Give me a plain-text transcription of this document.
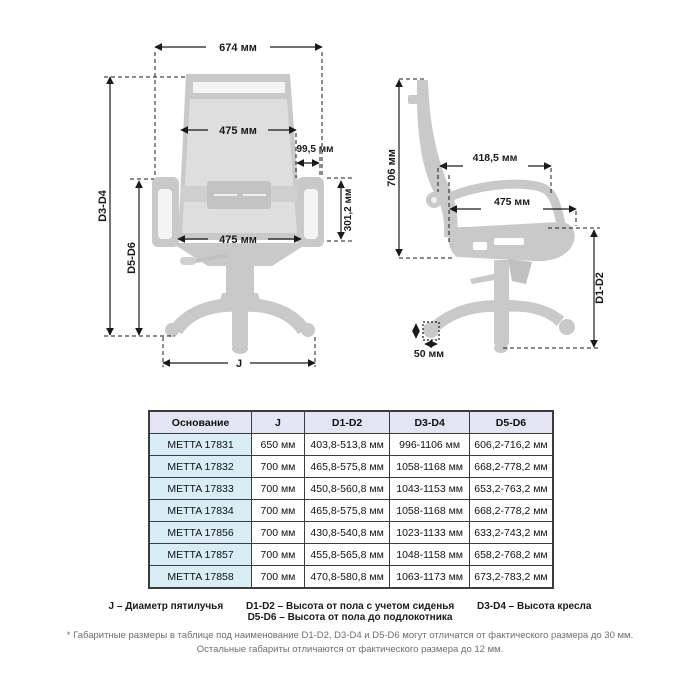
674 мм
D3-D4
D5-D6
475 мм
99,5 мм
301,2 мм
475 мм
J
706 мм	418,5 мм
475 мм
D1-D2
50 мм
Основание	J	D1-D2	D3-D4	D5-D6
METTA 17831	650 мм	403,8-513,8 мм	996-1106 мм	606,2-716,2 мм
METTA 17832	700 мм	465,8-575,8 мм	1058-1168 мм	668,2-778,2 мм
METTA 17833	700 мм	450,8-560,8 мм	1043-1153 мм	653,2-763,2 мм
METTA 17834	700 мм	465,8-575,8 мм	1058-1168 мм	668,2-778,2 мм
METTA 17856	700 мм	430,8-540,8 мм	1023-1133 мм	633,2-743,2 мм
METTA 17857	700 мм	455,8-565,8 мм	1048-1158 мм	658,2-768,2 мм
METTA 17858	700 мм	470,8-580,8 мм	1063-1173 мм	673,2-783,2 мм
J – Диаметр пятилучья D1-D2 – Высота от пола с учетом сиденья D3-D4 – Высота кресла D5-D6 – Высота от пола до подлокотника
* Габаритные размеры в таблице под наименование D1-D2, D3-D4 и D5-D6 могут отличатся от фактического размера до 30 мм.
Остальные габариты отличаются от фактического размера до 12 мм.
